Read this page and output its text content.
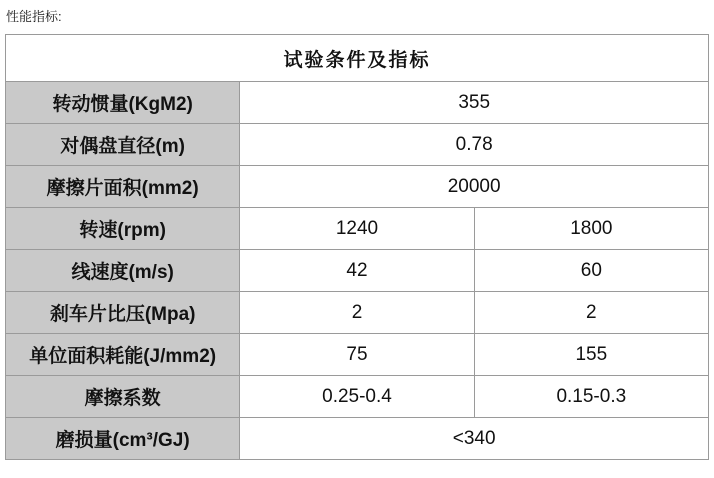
性能指标:
试验条件及指标		
转动惯量(KgM2)	355	
对偶盘直径(m)	0.78	
摩擦片面积(mm2)	20000	
转速(rpm)	1240	1800
线速度(m/s)	42	60
刹车片比压(Mpa)	2	2
单位面积耗能(J/mm2)	75	155
摩擦系数	0.25-0.4	0.15-0.3
磨损量(cm³/GJ)	<340	
